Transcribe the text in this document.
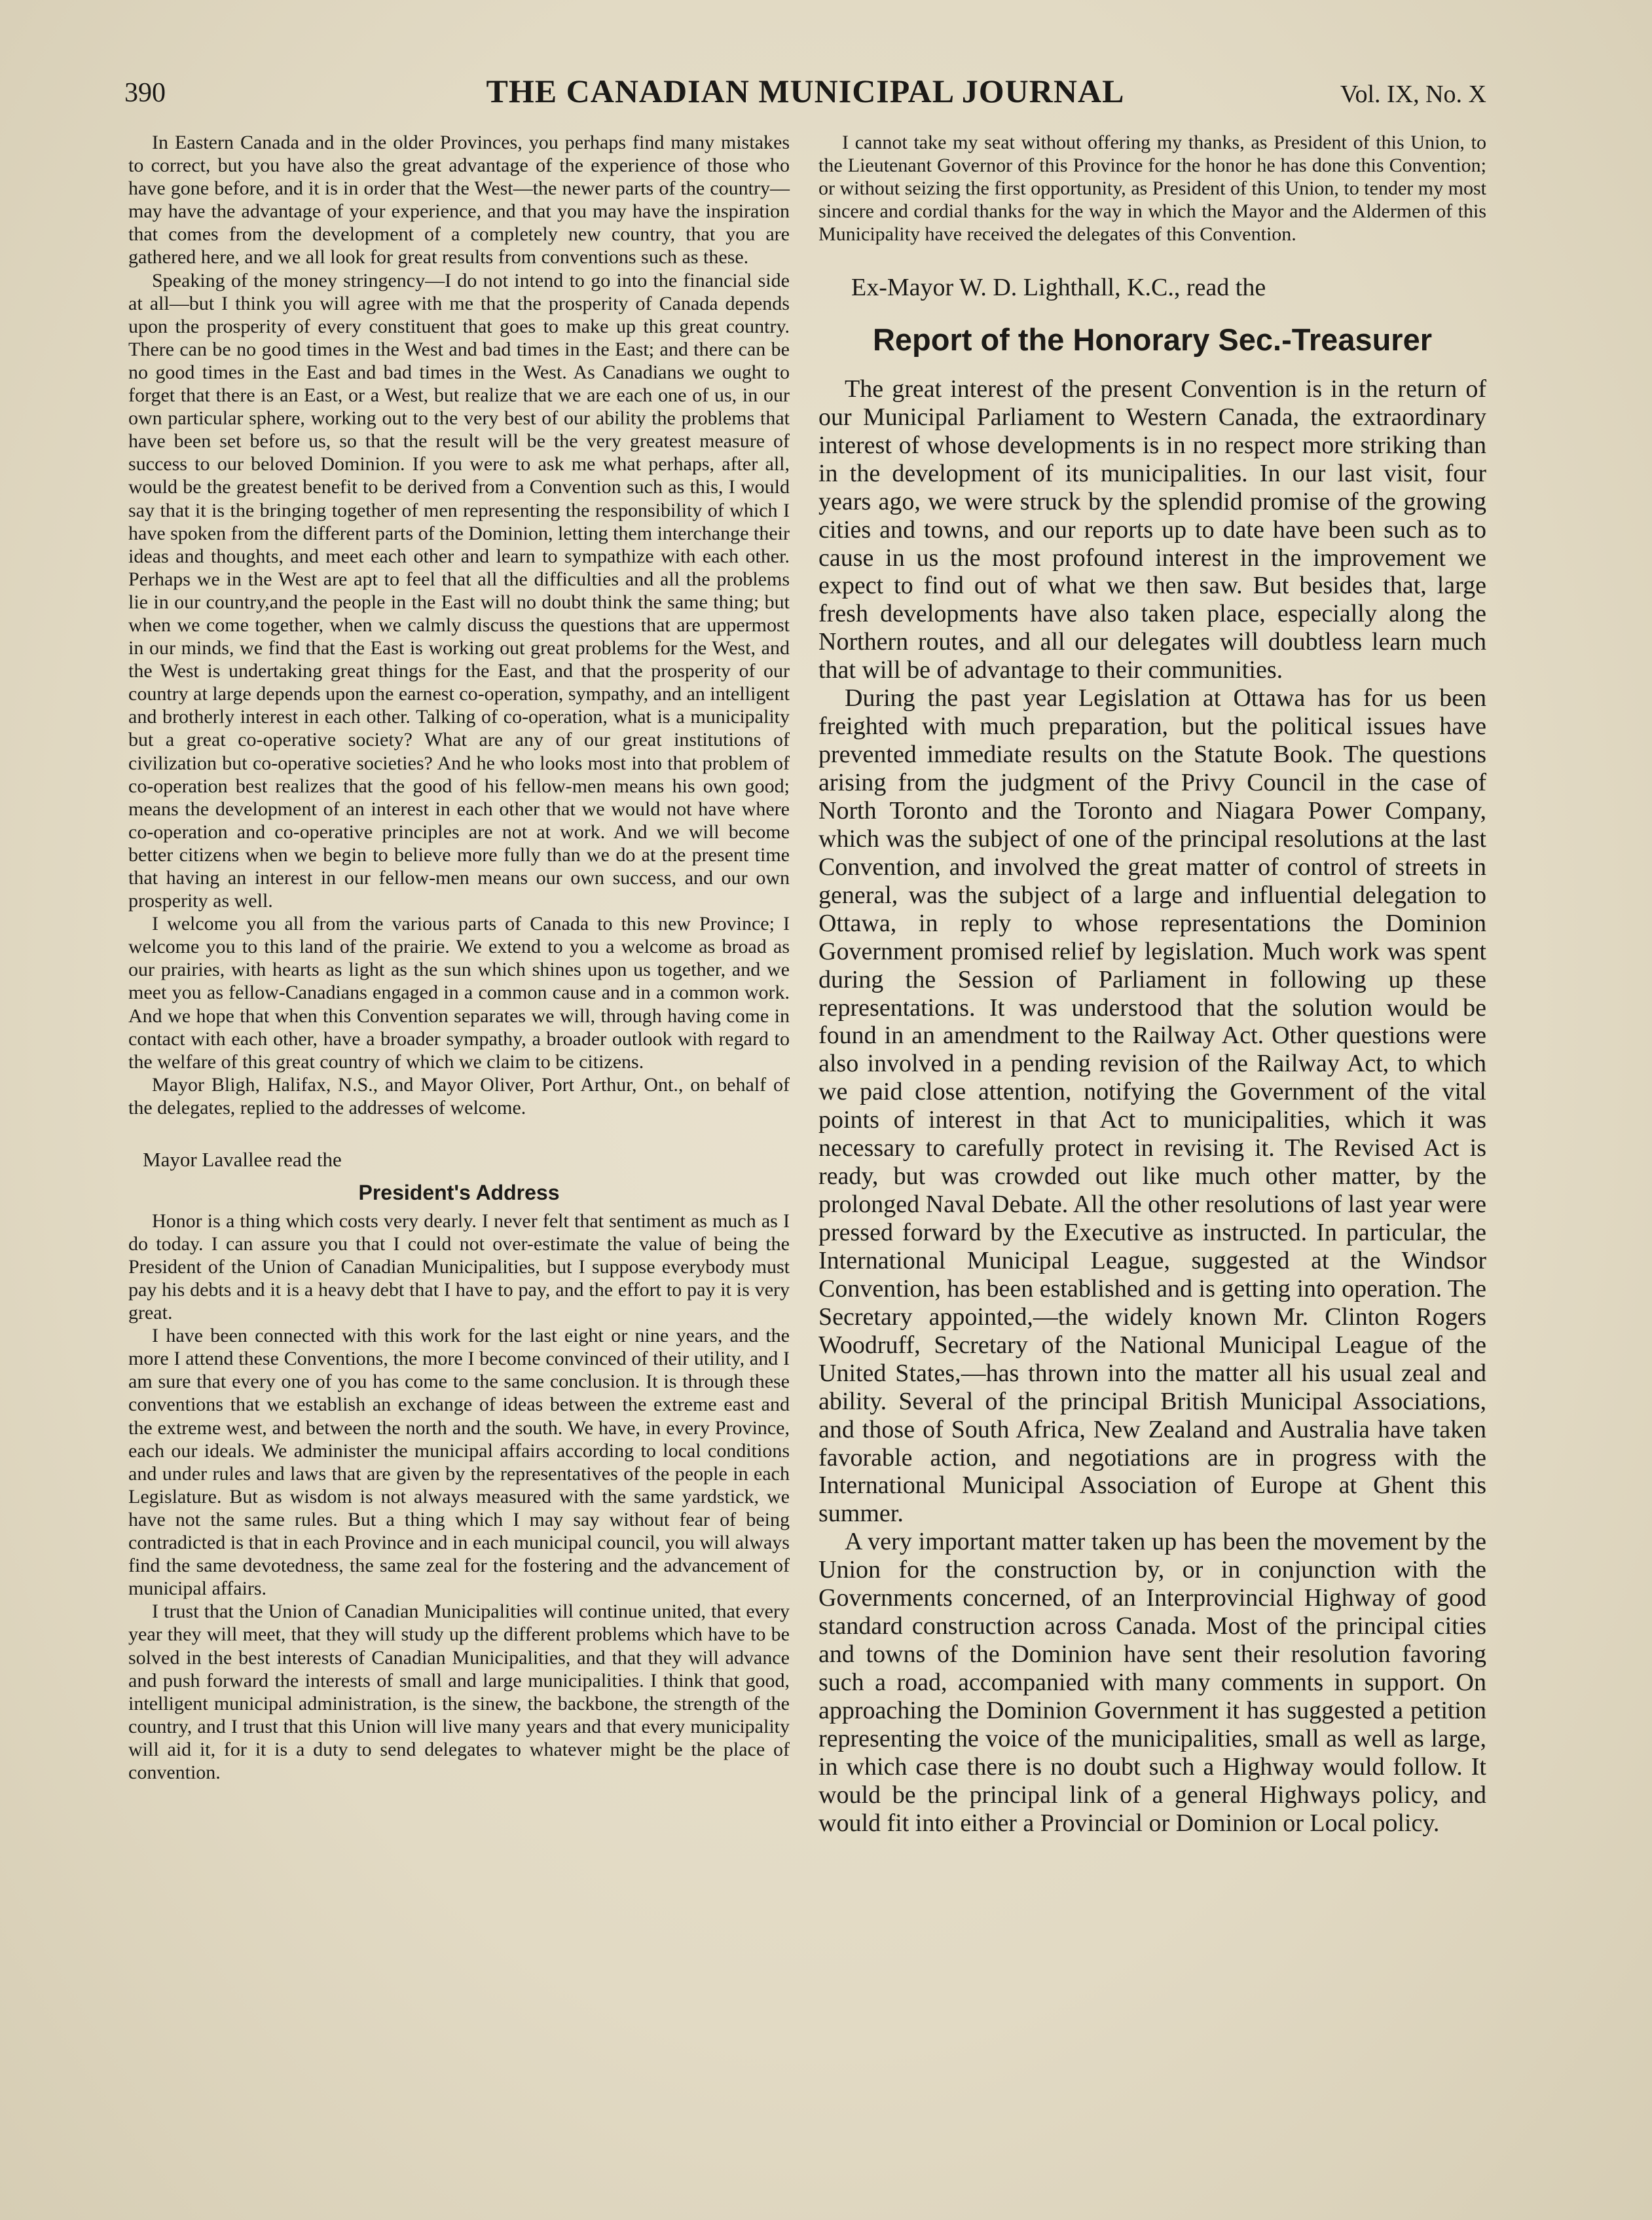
390	THE CANADIAN MUNICIPAL JOURNAL	Vol. IX, No. X

In Eastern Canada and in the older Provinces, you perhaps find many mistakes to correct, but you have also the great advantage of the experience of those who have gone before, and it is in order that the West—the newer parts of the country—may have the advantage of your experience, and that you may have the inspiration that comes from the development of a completely new country, that you are gathered here, and we all look for great results from conventions such as these.

Speaking of the money stringency—I do not intend to go into the financial side at all—but I think you will agree with me that the prosperity of Canada depends upon the prosperity of every constituent that goes to make up this great country. There can be no good times in the West and bad times in the East; and there can be no good times in the East and bad times in the West. As Canadians we ought to forget that there is an East, or a West, but realize that we are each one of us, in our own particular sphere, working out to the very best of our ability the problems that have been set before us, so that the result will be the very greatest measure of success to our beloved Dominion. If you were to ask me what perhaps, after all, would be the greatest benefit to be derived from a Convention such as this, I would say that it is the bringing together of men representing the responsibility of which I have spoken from the different parts of the Dominion, letting them interchange their ideas and thoughts, and meet each other and learn to sympathize with each other. Perhaps we in the West are apt to feel that all the difficulties and all the problems lie in our country,and the people in the East will no doubt think the same thing; but when we come together, when we calmly discuss the questions that are uppermost in our minds, we find that the East is working out great problems for the West, and the West is undertaking great things for the East, and that the prosperity of our country at large depends upon the earnest co-operation, sympathy, and an intelligent and brotherly interest in each other. Talking of co-operation, what is a municipality but a great co-operative society? What are any of our great institutions of civilization but co-operative societies? And he who looks most into that problem of co-operation best realizes that the good of his fellow-men means his own good; means the development of an interest in each other that we would not have where co-operation and co-operative principles are not at work. And we will become better citizens when we begin to believe more fully than we do at the present time that having an interest in our fellow-men means our own success, and our own prosperity as well.

I welcome you all from the various parts of Canada to this new Province; I welcome you to this land of the prairie. We extend to you a welcome as broad as our prairies, with hearts as light as the sun which shines upon us together, and we meet you as fellow-Canadians engaged in a common cause and in a common work. And we hope that when this Convention separates we will, through having come in contact with each other, have a broader sympathy, a broader outlook with regard to the welfare of this great country of which we claim to be citizens.

Mayor Bligh, Halifax, N.S., and Mayor Oliver, Port Arthur, Ont., on behalf of the delegates, replied to the addresses of welcome.

Mayor Lavallee read the
President's Address

Honor is a thing which costs very dearly. I never felt that sentiment as much as I do today. I can assure you that I could not over-estimate the value of being the President of the Union of Canadian Municipalities, but I suppose everybody must pay his debts and it is a heavy debt that I have to pay, and the effort to pay it is very great.

I have been connected with this work for the last eight or nine years, and the more I attend these Conventions, the more I become convinced of their utility, and I am sure that every one of you has come to the same conclusion. It is through these conventions that we establish an exchange of ideas between the extreme east and the extreme west, and between the north and the south. We have, in every Province, each our ideals. We administer the municipal affairs according to local conditions and under rules and laws that are given by the representatives of the people in each Legislature. But as wisdom is not always measured with the same yardstick, we have not the same rules. But a thing which I may say without fear of being contradicted is that in each Province and in each municipal council, you will always find the same devotedness, the same zeal for the fostering and the advancement of municipal affairs.

I trust that the Union of Canadian Municipalities will continue united, that every year they will meet, that they will study up the different problems which have to be solved in the best interests of Canadian Municipalities, and that they will advance and push forward the interests of small and large municipalities. I think that good, intelligent municipal administration, is the sinew, the backbone, the strength of the country, and I trust that this Union will live many years and that every municipality will aid it, for it is a duty to send delegates to whatever might be the place of convention.

I cannot take my seat without offering my thanks, as President of this Union, to the Lieutenant Governor of this Province for the honor he has done this Convention; or without seizing the first opportunity, as President of this Union, to tender my most sincere and cordial thanks for the way in which the Mayor and the Aldermen of this Municipality have received the delegates of this Convention.

Ex-Mayor W. D. Lighthall, K.C., read the
Report of the Honorary Sec.-Treasurer

The great interest of the present Convention is in the return of our Municipal Parliament to Western Canada, the extraordinary interest of whose developments is in no respect more striking than in the development of its municipalities. In our last visit, four years ago, we were struck by the splendid promise of the growing cities and towns, and our reports up to date have been such as to cause in us the most profound interest in the improvement we expect to find out of what we then saw. But besides that, large fresh developments have also taken place, especially along the Northern routes, and all our delegates will doubtless learn much that will be of advantage to their communities.

During the past year Legislation at Ottawa has for us been freighted with much preparation, but the political issues have prevented immediate results on the Statute Book. The questions arising from the judgment of the Privy Council in the case of North Toronto and the Toronto and Niagara Power Company, which was the subject of one of the principal resolutions at the last Convention, and involved the great matter of control of streets in general, was the subject of a large and influential delegation to Ottawa, in reply to whose representations the Dominion Government promised relief by legislation. Much work was spent during the Session of Parliament in following up these representations. It was understood that the solution would be found in an amendment to the Railway Act. Other questions were also involved in a pending revision of the Railway Act, to which we paid close attention, notifying the Government of the vital points of interest in that Act to municipalities, which it was necessary to carefully protect in revising it. The Revised Act is ready, but was crowded out like much other matter, by the prolonged Naval Debate. All the other resolutions of last year were pressed forward by the Executive as instructed. In particular, the International Municipal League, suggested at the Windsor Convention, has been established and is getting into operation. The Secretary appointed,—the widely known Mr. Clinton Rogers Woodruff, Secretary of the National Municipal League of the United States,—has thrown into the matter all his usual zeal and ability. Several of the principal British Municipal Associations, and those of South Africa, New Zealand and Australia have taken favorable action, and negotiations are in progress with the International Municipal Association of Europe at Ghent this summer.

A very important matter taken up has been the movement by the Union for the construction by, or in conjunction with the Governments concerned, of an Interprovincial Highway of good standard construction across Canada. Most of the principal cities and towns of the Dominion have sent their resolution favoring such a road, accompanied with many comments in support. On approaching the Dominion Government it has suggested a petition representing the voice of the municipalities, small as well as large, in which case there is no doubt such a Highway would follow. It would be the principal link of a general Highways policy, and would fit into either a Provincial or Dominion or Local policy.
